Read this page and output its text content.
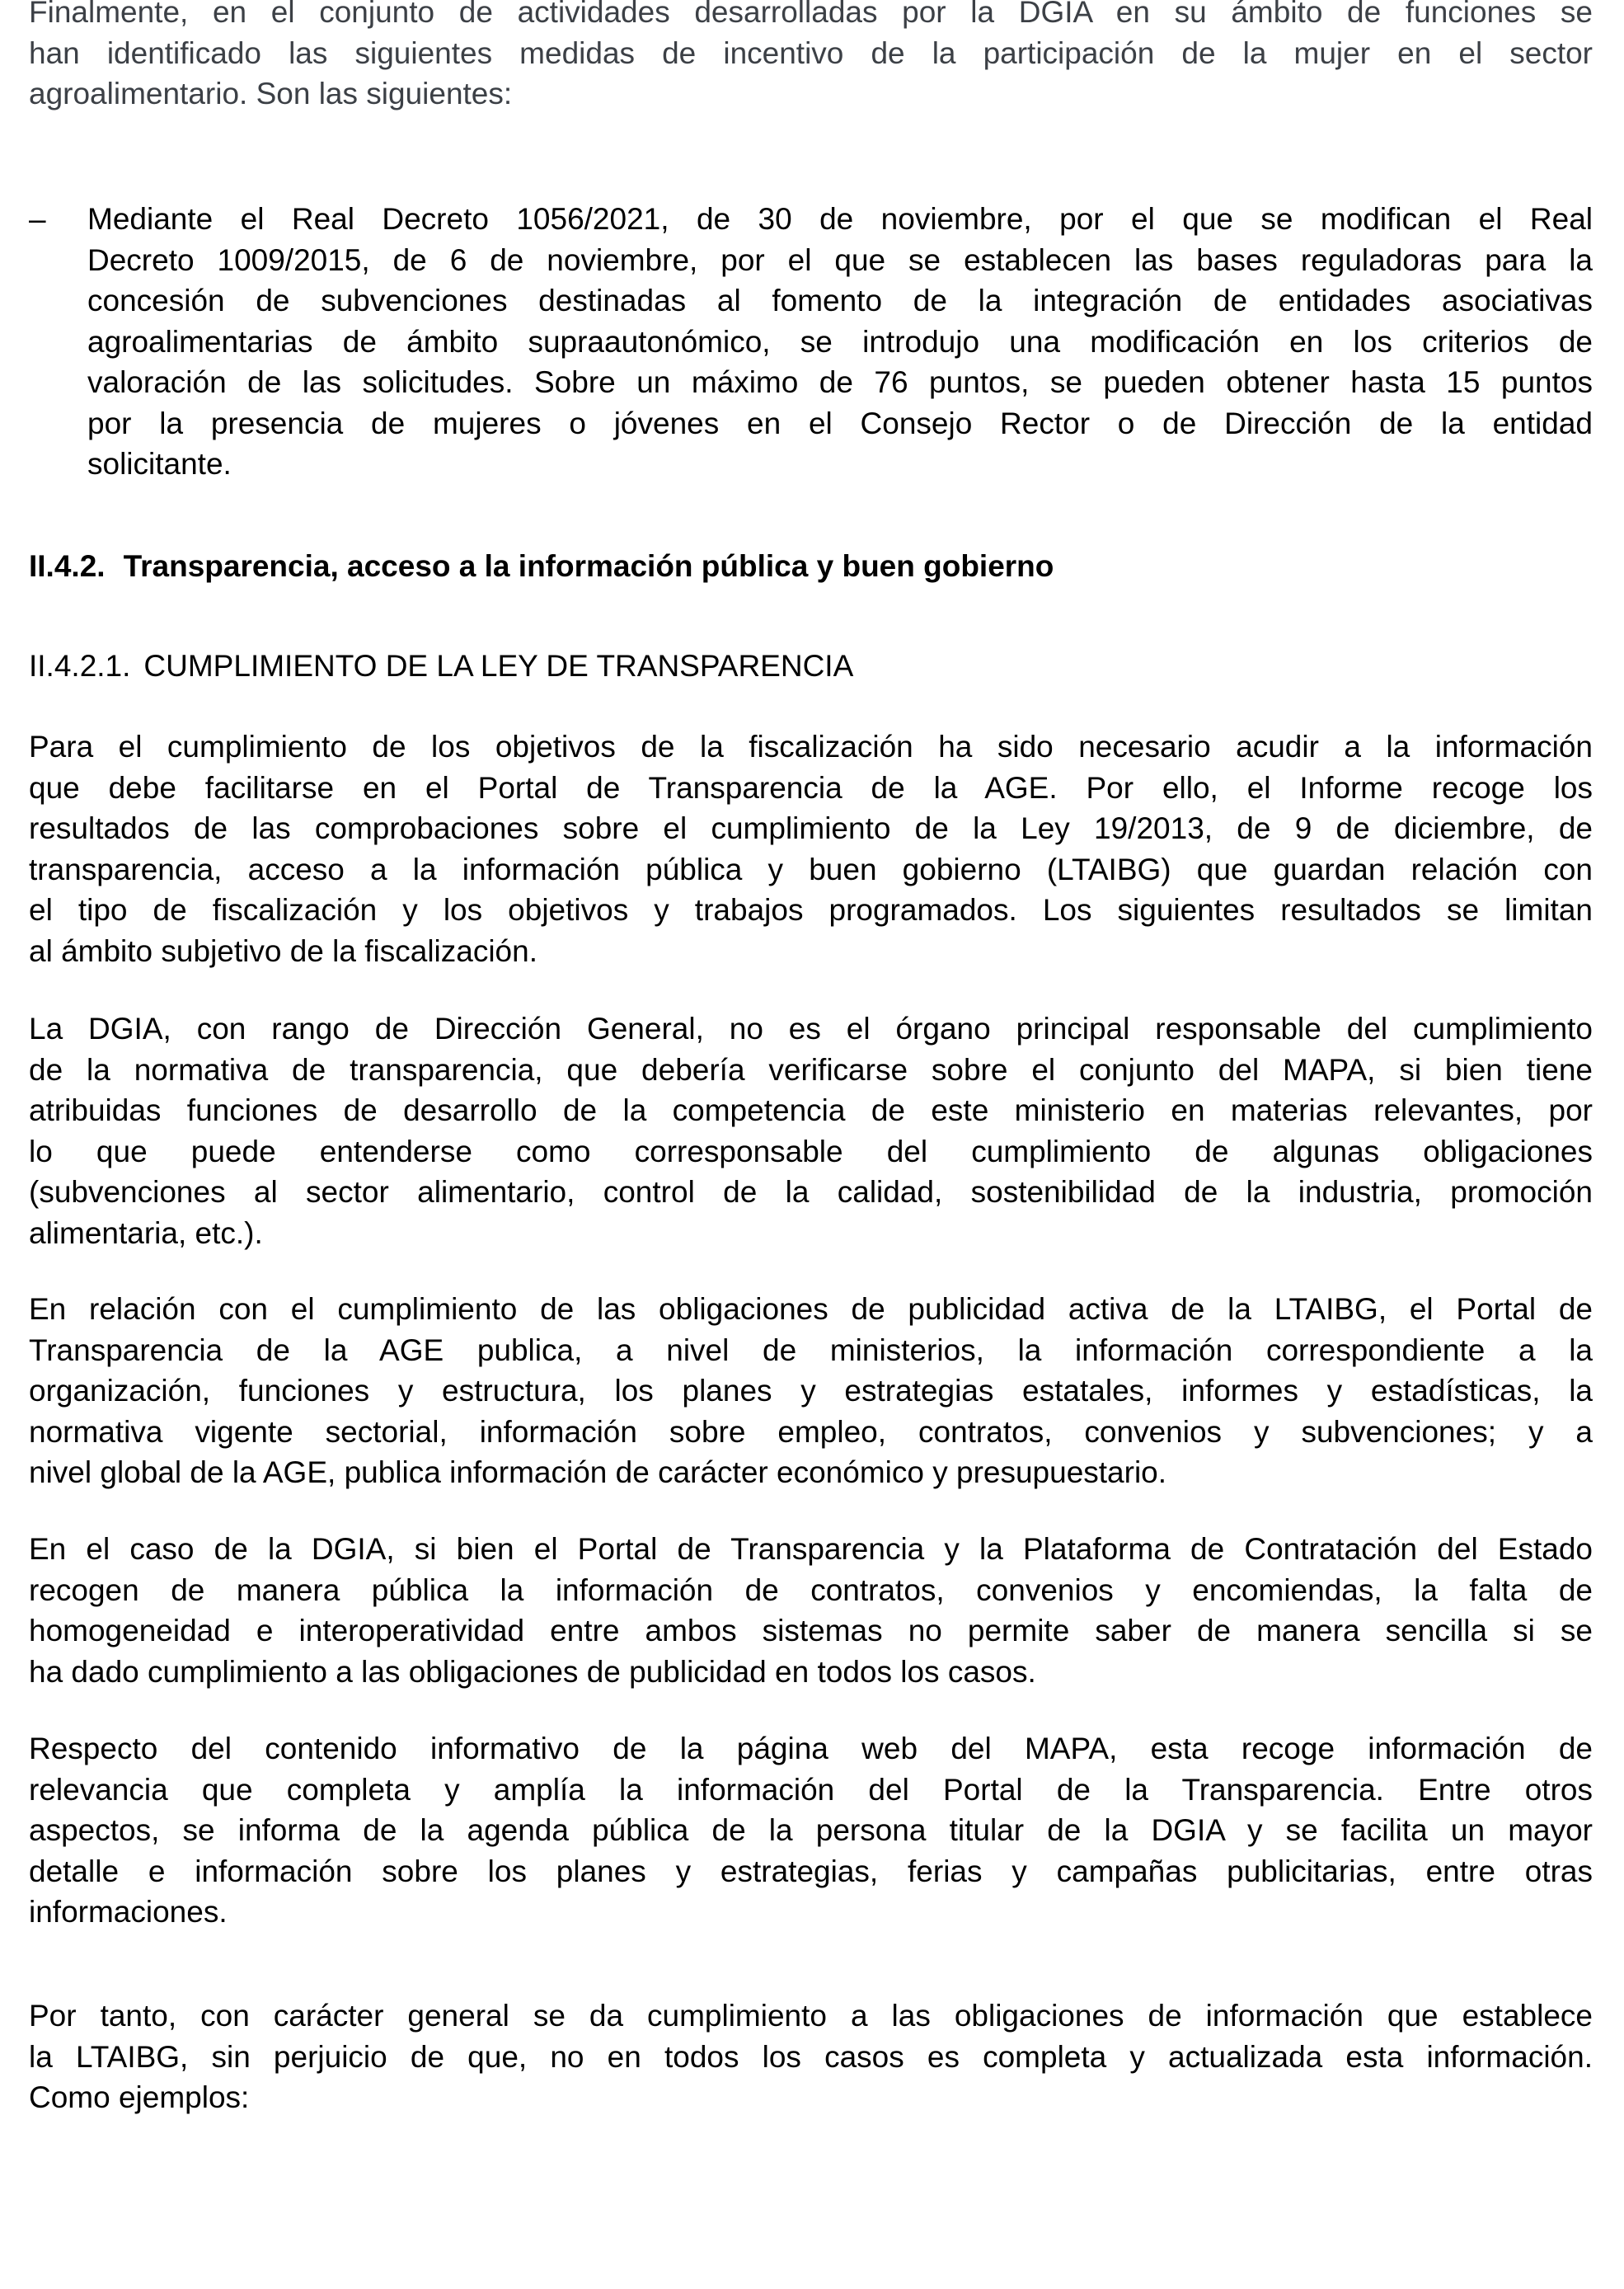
Finalmente, en el conjunto de actividades desarrolladas por la DGIA en su ámbito de funciones se
han identificado las siguientes medidas de incentivo de la participación de la mujer en el sector
agroalimentario. Son las siguientes:
– Mediante el Real Decreto 1056/2021, de 30 de noviembre, por el que se modifican el Real
Decreto 1009/2015, de 6 de noviembre, por el que se establecen las bases reguladoras para la
concesión de subvenciones destinadas al fomento de la integración de entidades asociativas
agroalimentarias de ámbito supraautonómico, se introdujo una modificación en los criterios de
valoración de las solicitudes. Sobre un máximo de 76 puntos, se pueden obtener hasta 15 puntos
por la presencia de mujeres o jóvenes en el Consejo Rector o de Dirección de la entidad
solicitante.
II.4.2. Transparencia, acceso a la información pública y buen gobierno
II.4.2.1. CUMPLIMIENTO DE LA LEY DE TRANSPARENCIA
Para el cumplimiento de los objetivos de la fiscalización ha sido necesario acudir a la información
que debe facilitarse en el Portal de Transparencia de la AGE. Por ello, el Informe recoge los
resultados de las comprobaciones sobre el cumplimiento de la Ley 19/2013, de 9 de diciembre, de
transparencia, acceso a la información pública y buen gobierno (LTAIBG) que guardan relación con
el tipo de fiscalización y los objetivos y trabajos programados. Los siguientes resultados se limitan
al ámbito subjetivo de la fiscalización.
La DGIA, con rango de Dirección General, no es el órgano principal responsable del cumplimiento
de la normativa de transparencia, que debería verificarse sobre el conjunto del MAPA, si bien tiene
atribuidas funciones de desarrollo de la competencia de este ministerio en materias relevantes, por
lo que puede entenderse como corresponsable del cumplimiento de algunas obligaciones
(subvenciones al sector alimentario, control de la calidad, sostenibilidad de la industria, promoción
alimentaria, etc.).
En relación con el cumplimiento de las obligaciones de publicidad activa de la LTAIBG, el Portal de
Transparencia de la AGE publica, a nivel de ministerios, la información correspondiente a la
organización, funciones y estructura, los planes y estrategias estatales, informes y estadísticas, la
normativa vigente sectorial, información sobre empleo, contratos, convenios y subvenciones; y a
nivel global de la AGE, publica información de carácter económico y presupuestario.
En el caso de la DGIA, si bien el Portal de Transparencia y la Plataforma de Contratación del Estado
recogen de manera pública la información de contratos, convenios y encomiendas, la falta de
homogeneidad e interoperatividad entre ambos sistemas no permite saber de manera sencilla si se
ha dado cumplimiento a las obligaciones de publicidad en todos los casos.
Respecto del contenido informativo de la página web del MAPA, esta recoge información de
relevancia que completa y amplía la información del Portal de la Transparencia. Entre otros
aspectos, se informa de la agenda pública de la persona titular de la DGIA y se facilita un mayor
detalle e información sobre los planes y estrategias, ferias y campañas publicitarias, entre otras
informaciones.
Por tanto, con carácter general se da cumplimiento a las obligaciones de información que establece
la LTAIBG, sin perjuicio de que, no en todos los casos es completa y actualizada esta información.
Como ejemplos:
